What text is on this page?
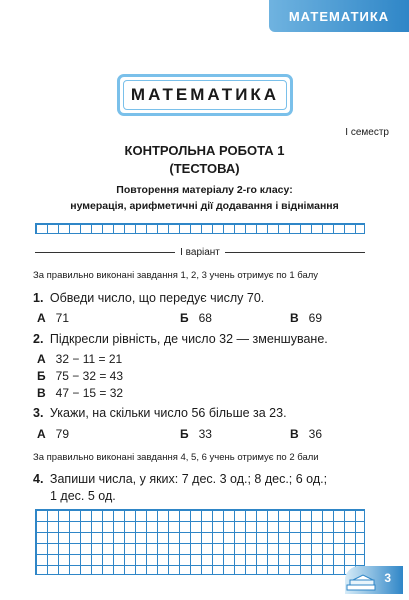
МАТЕМАТИКА
МАТЕМАТИКА
І семестр
КОНТРОЛЬНА РОБОТА 1
(ТЕСТОВА)
Повторення матеріалу 2-го класу:
нумерація, арифметичні дії додавання і віднімання
І варіант
За правильно виконані завдання 1, 2, 3 учень отримує по 1 балу
1. Обведи число, що передує числу 70.
А 71	Б 68	В 69
2. Підкресли рівність, де число 32 — зменшуване.
А 32 − 11 = 21
Б 75 − 32 = 43
В 47 − 15 = 32
3. Укажи, на скільки число 56 більше за 23.
А 79	Б 33	В 36
За правильно виконані завдання 4, 5, 6 учень отримує по 2 бали
4. Запиши числа, у яких: 7 дес. 3 од.; 8 дес.; 6 од.;
1 дес. 5 од.
3
